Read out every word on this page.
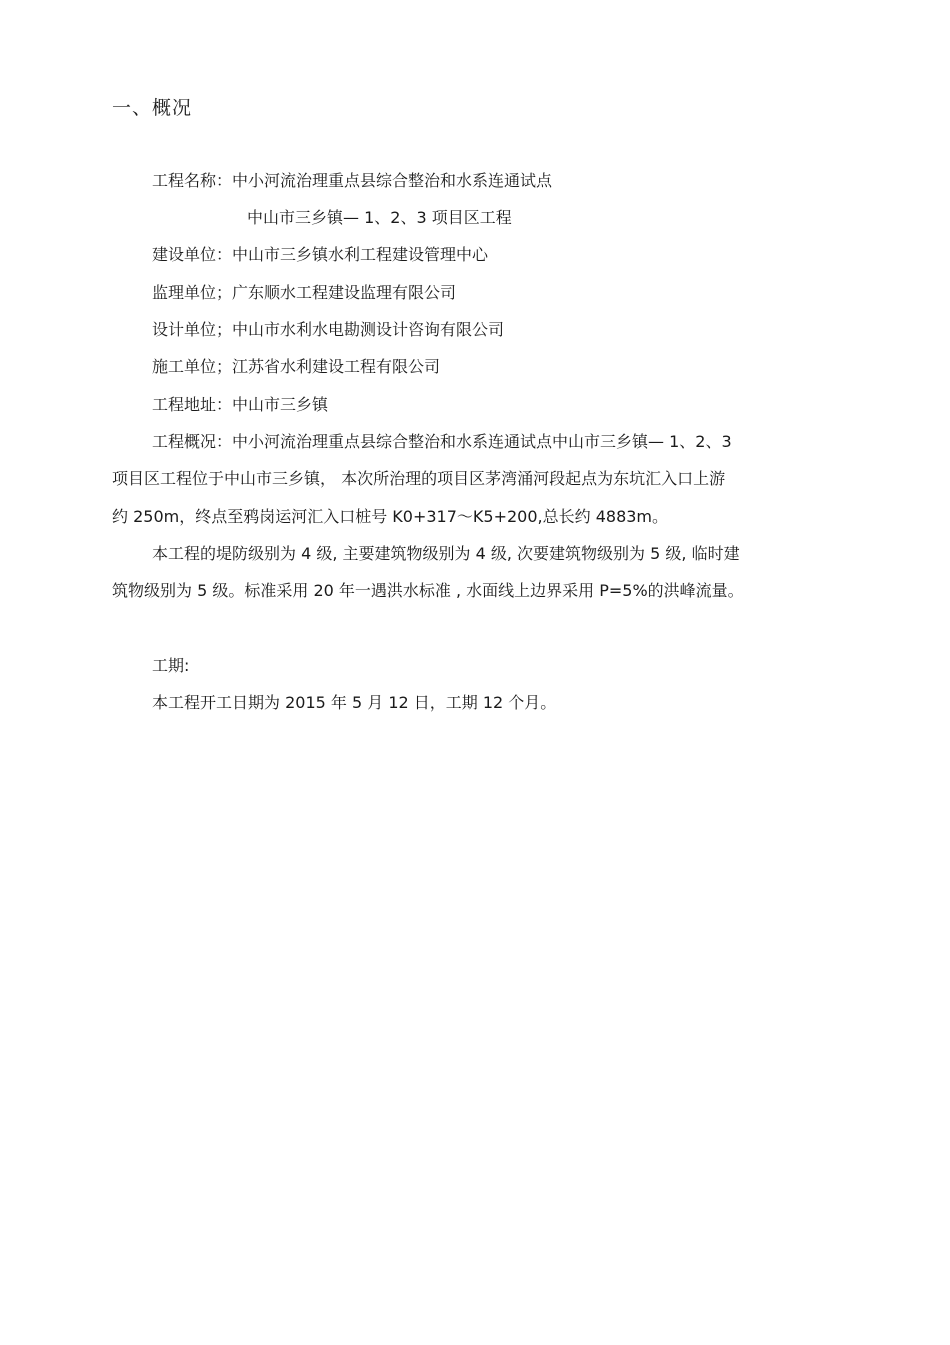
一、概况
工程名称：中小河流治理重点县综合整治和水系连通试点
中山市三乡镇— 1、2、3 项目区工程
建设单位：中山市三乡镇水利工程建设管理中心
监理单位；广东顺水工程建设监理有限公司
设计单位；中山市水利水电勘测设计咨询有限公司
施工单位；江苏省水利建设工程有限公司
工程地址：中山市三乡镇
工程概况：中小河流治理重点县综合整治和水系连通试点中山市三乡镇— 1、2、3
项目区工程位于中山市三乡镇， 本次所治理的项目区茅湾涌河段起点为东坑汇入口上游
约 250m，终点至鸦岗运河汇入口桩号 K0+317～K5+200,总长约 4883m。
本工程的堤防级别为 4 级, 主要建筑物级别为 4 级, 次要建筑物级别为 5 级, 临时建
筑物级别为 5 级。标准采用 20 年一遇洪水标准 , 水面线上边界采用 P=5%的洪峰流量。
工期:
本工程开工日期为 2015 年 5 月 12 日，工期 12 个月。
